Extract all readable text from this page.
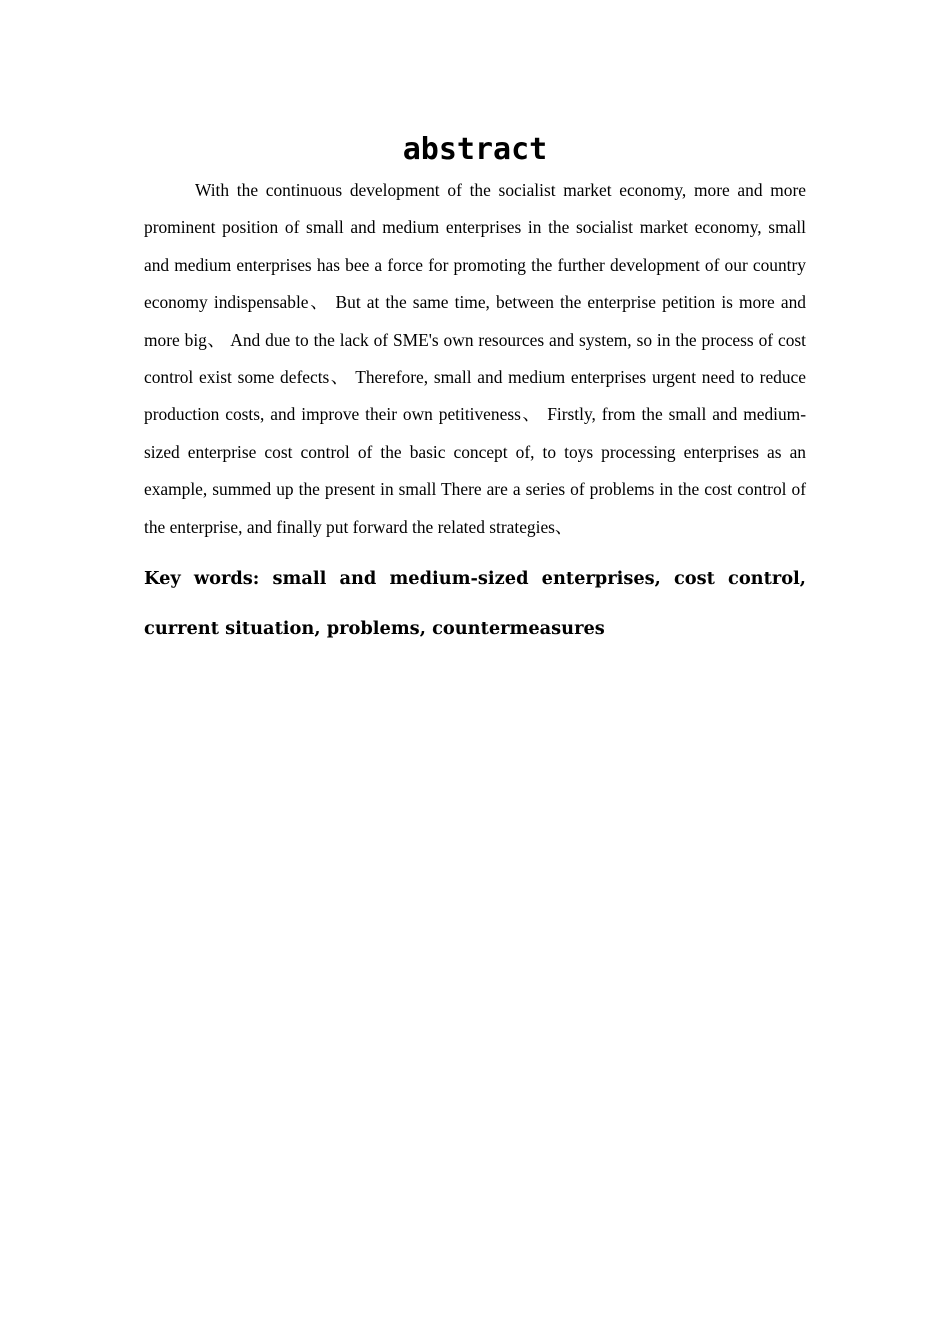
abstract

With the continuous development of the socialist market economy, more and more prominent position of small and medium enterprises in the socialist market economy, small and medium enterprises has bee a force for promoting the further development of our country economy indispensable、 But at the same time, between the enterprise petition is more and more big、 And due to the lack of SME's own resources and system, so in the process of cost control exist some defects、 Therefore, small and medium enterprises urgent need to reduce production costs, and improve their own petitiveness、 Firstly, from the small and medium-sized enterprise cost control of the basic concept of, to toys processing enterprises as an example, summed up the present in small There are a series of problems in the cost control of the enterprise, and finally put forward the related strategies、

Key words: small and medium-sized enterprises, cost control, current situation, problems, countermeasures
